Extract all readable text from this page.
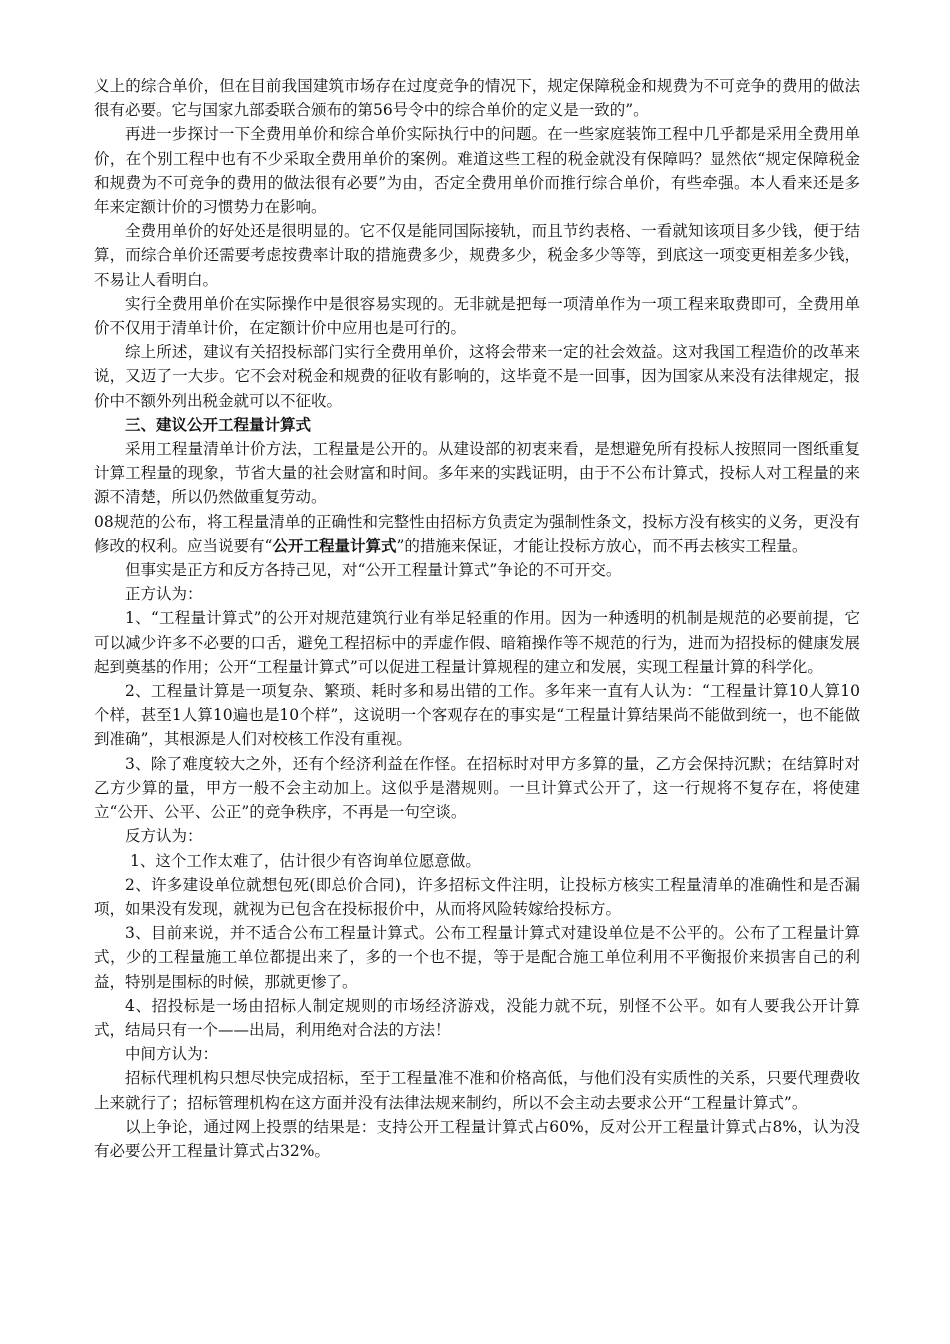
义上的综合单价，但在目前我国建筑市场存在过度竞争的情况下，规定保障税金和规费为不可竞争的费用的做法很有必要。它与国家九部委联合颁布的第56号令中的综合单价的定义是一致的”。

再进一步探讨一下全费用单价和综合单价实际执行中的问题。在一些家庭装饰工程中几乎都是采用全费用单价，在个别工程中也有不少采取全费用单价的案例。难道这些工程的税金就没有保障吗？显然依“规定保障税金和规费为不可竞争的费用的做法很有必要”为由，否定全费用单价而推行综合单价，有些牵强。本人看来还是多年来定额计价的习惯势力在影响。

全费用单价的好处还是很明显的。它不仅是能同国际接轨，而且节约表格、一看就知该项目多少钱，便于结算，而综合单价还需要考虑按费率计取的措施费多少，规费多少，税金多少等等，到底这一项变更相差多少钱，不易让人看明白。

实行全费用单价在实际操作中是很容易实现的。无非就是把每一项清单作为一项工程来取费即可，全费用单价不仅用于清单计价，在定额计价中应用也是可行的。

综上所述，建议有关招投标部门实行全费用单价，这将会带来一定的社会效益。这对我国工程造价的改革来说，又迈了一大步。它不会对税金和规费的征收有影响的，这毕竟不是一回事，因为国家从来没有法律规定，报价中不额外列出税金就可以不征收。

三、建议公开工程量计算式

采用工程量清单计价方法，工程量是公开的。从建设部的初衷来看，是想避免所有投标人按照同一图纸重复计算工程量的现象，节省大量的社会财富和时间。多年来的实践证明，由于不公布计算式，投标人对工程量的来源不清楚，所以仍然做重复劳动。

08规范的公布，将工程量清单的正确性和完整性由招标方负责定为强制性条文，投标方没有核实的义务，更没有修改的权利。应当说要有“公开工程量计算式”的措施来保证，才能让投标方放心，而不再去核实工程量。

但事实是正方和反方各持己见，对“公开工程量计算式”争论的不可开交。

正方认为：

1、“工程量计算式”的公开对规范建筑行业有举足轻重的作用。因为一种透明的机制是规范的必要前提，它可以减少许多不必要的口舌，避免工程招标中的弄虚作假、暗箱操作等不规范的行为，进而为招投标的健康发展起到奠基的作用；公开“工程量计算式”可以促进工程量计算规程的建立和发展，实现工程量计算的科学化。

2、工程量计算是一项复杂、繁琐、耗时多和易出错的工作。多年来一直有人认为：“工程量计算10人算10个样，甚至1人算10遍也是10个样”，这说明一个客观存在的事实是“工程量计算结果尚不能做到统一，也不能做到准确”，其根源是人们对校核工作没有重视。

3、除了难度较大之外，还有个经济利益在作怪。在招标时对甲方多算的量，乙方会保持沉默；在结算时对乙方少算的量，甲方一般不会主动加上。这似乎是潜规则。一旦计算式公开了，这一行规将不复存在，将使建立“公开、公平、公正”的竞争秩序，不再是一句空谈。

反方认为：

1、这个工作太难了，估计很少有咨询单位愿意做。

2、许多建设单位就想包死(即总价合同)，许多招标文件注明，让投标方核实工程量清单的准确性和是否漏项，如果没有发现，就视为已包含在投标报价中，从而将风险转嫁给投标方。

3、目前来说，并不适合公布工程量计算式。公布工程量计算式对建设单位是不公平的。公布了工程量计算式，少的工程量施工单位都提出来了，多的一个也不提，等于是配合施工单位利用不平衡报价来损害自己的利益，特别是围标的时候，那就更惨了。

4、招投标是一场由招标人制定规则的市场经济游戏，没能力就不玩，别怪不公平。如有人要我公开计算式，结局只有一个——出局，利用绝对合法的方法！

中间方认为：

招标代理机构只想尽快完成招标，至于工程量准不准和价格高低，与他们没有实质性的关系，只要代理费收上来就行了；招标管理机构在这方面并没有法律法规来制约，所以不会主动去要求公开“工程量计算式”。

以上争论，通过网上投票的结果是：支持公开工程量计算式占60%，反对公开工程量计算式占8%，认为没有必要公开工程量计算式占32%。
